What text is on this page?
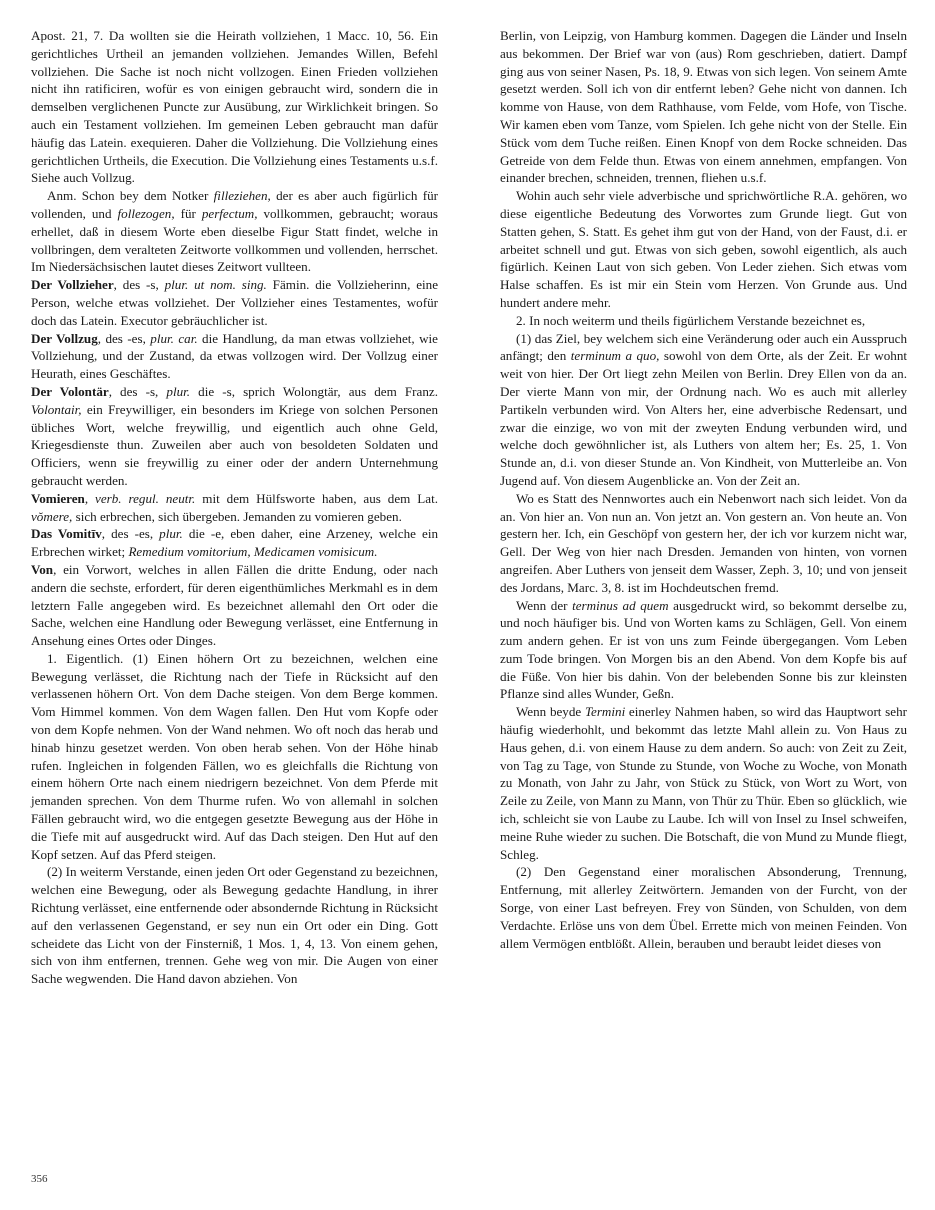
Apost. 21, 7. Da wollten sie die Heirath vollziehen, 1 Macc. 10, 56. Ein gerichtliches Urtheil an jemanden vollziehen. Jemandes Willen, Befehl vollziehen. Die Sache ist noch nicht vollzogen. Einen Frieden vollziehen nicht ihn ratificiren, wofür es von einigen gebraucht wird, sondern die in demselben verglichenen Puncte zur Ausübung, zur Wirklichkeit bringen. So auch ein Testament vollziehen. Im gemeinen Leben gebraucht man dafür häufig das Latein. exequieren. Daher die Vollziehung. Die Vollziehung eines gerichtlichen Urtheils, die Execution. Die Vollziehung eines Testaments u.s.f. Siehe auch Vollzug.

Anm. Schon bey dem Notker filleziehen, der es aber auch figürlich für vollenden, und follezogen, für perfectum, vollkommen, gebraucht; woraus erhellet, daß in diesem Worte eben dieselbe Figur Statt findet, welche in vollbringen, dem veralteten Zeitworte vollkommen und vollenden, herrschet. Im Niedersächsischen lautet dieses Zeitwort vullteen.

Der Vollzieher, des -s, plur. ut nom. sing. Fämin. die Vollzieherinn, eine Person, welche etwas vollziehet. Der Vollzieher eines Testamentes, wofür doch das Latein. Executor gebräuchlicher ist.

Der Vollzug, des -es, plur. car. die Handlung, da man etwas vollziehet, wie Vollziehung, und der Zustand, da etwas vollzogen wird. Der Vollzug einer Heurath, eines Geschäftes.

Der Volontär, des -s, plur. die -s, sprich Wolongtär, aus dem Franz. Volontair, ein Freywilliger, ein besonders im Kriege von solchen Personen übliches Wort, welche freywillig, und eigentlich auch ohne Geld, Kriegesdienste thun. Zuweilen aber auch von besoldeten Soldaten und Officiers, wenn sie freywillig zu einer oder der andern Unternehmung gebraucht werden.

Vomieren, verb. regul. neutr. mit dem Hülfsworte haben, aus dem Lat. vŏmere, sich erbrechen, sich übergeben. Jemanden zu vomieren geben.

Das Vomitīv, des -es, plur. die -e, eben daher, eine Arzeney, welche ein Erbrechen wirket; Remedium vomitorium, Medicamen vomisicum.

Von, ein Vorwort, welches in allen Fällen die dritte Endung, oder nach andern die sechste, erfordert, für deren eigenthümliches Merkmahl es in dem letztern Falle angegeben wird. Es bezeichnet allemahl den Ort oder die Sache, welchen eine Handlung oder Bewegung verlässet, eine Entfernung in Ansehung eines Ortes oder Dinges.

1. Eigentlich. (1) Einen höhern Ort zu bezeichnen, welchen eine Bewegung verlässet, die Richtung nach der Tiefe in Rücksicht auf den verlassenen höhern Ort. Von dem Dache steigen. Von dem Berge kommen. Vom Himmel kommen. Von dem Wagen fallen. Den Hut vom Kopfe oder von dem Kopfe nehmen. Von der Wand nehmen. Wo oft noch das herab und hinab hinzu gesetzet werden. Von oben herab sehen. Von der Höhe hinab rufen. Ingleichen in folgenden Fällen, wo es gleichfalls die Richtung von einem höhern Orte nach einem niedrigern bezeichnet. Von dem Pferde mit jemanden sprechen. Von dem Thurme rufen. Wo von allemahl in solchen Fällen gebraucht wird, wo die entgegen gesetzte Bewegung aus der Höhe in die Tiefe mit auf ausgedruckt wird. Auf das Dach steigen. Den Hut auf den Kopf setzen. Auf das Pferd steigen.

(2) In weiterm Verstande, einen jeden Ort oder Gegenstand zu bezeichnen, welchen eine Bewegung, oder als Bewegung gedachte Handlung, in ihrer Richtung verlässet, eine entfernende oder absondernde Richtung in Rücksicht auf den verlassenen Gegenstand, er sey nun ein Ort oder ein Ding. Gott scheidete das Licht von der Finsterniß, 1 Mos. 1, 4, 13. Von einem gehen, sich von ihm entfernen, trennen. Gehe weg von mir. Die Augen von einer Sache wegwenden. Die Hand davon abziehen. Von

Berlin, von Leipzig, von Hamburg kommen. Dagegen die Länder und Inseln aus bekommen. Der Brief war von (aus) Rom geschrieben, datiert. Dampf ging aus von seiner Nasen, Ps. 18, 9. Etwas von sich legen. Von seinem Amte gesetzt werden. Soll ich von dir entfernt leben? Gehe nicht von dannen. Ich komme von Hause, von dem Rathhause, vom Felde, vom Hofe, von Tische. Wir kamen eben vom Tanze, vom Spielen. Ich gehe nicht von der Stelle. Ein Stück vom dem Tuche reißen. Einen Knopf von dem Rocke schneiden. Das Getreide von dem Felde thun. Etwas von einem annehmen, empfangen. Von einander brechen, schneiden, trennen, fliehen u.s.f.

Wohin auch sehr viele adverbische und sprichwörtliche R.A. gehören, wo diese eigentliche Bedeutung des Vorwortes zum Grunde liegt. Gut von Statten gehen, S. Statt. Es gehet ihm gut von der Hand, von der Faust, d.i. er arbeitet schnell und gut. Etwas von sich geben, sowohl eigentlich, als auch figürlich. Keinen Laut von sich geben. Von Leder ziehen. Sich etwas vom Halse schaffen. Es ist mir ein Stein vom Herzen. Von Grunde aus. Und hundert andere mehr.

2. In noch weiterm und theils figürlichem Verstande bezeichnet es,

(1) das Ziel, bey welchem sich eine Veränderung oder auch ein Ausspruch anfängt; den terminum a quo, sowohl von dem Orte, als der Zeit. Er wohnt weit von hier. Der Ort liegt zehn Meilen von Berlin. Drey Ellen von da an. Der vierte Mann von mir, der Ordnung nach. Wo es auch mit allerley Partikeln verbunden wird. Von Alters her, eine adverbische Redensart, und zwar die einzige, wo von mit der zweyten Endung verbunden wird, und welche doch gewöhnlicher ist, als Luthers von altem her; Es. 25, 1. Von Stunde an, d.i. von dieser Stunde an. Von Kindheit, von Mutterleibe an. Von Jugend auf. Von diesem Augenblicke an. Von der Zeit an.

Wo es Statt des Nennwortes auch ein Nebenwort nach sich leidet. Von da an. Von hier an. Von nun an. Von jetzt an. Von gestern an. Von heute an. Von gestern her. Ich, ein Geschöpf von gestern her, der ich vor kurzem nicht war, Gell. Der Weg von hier nach Dresden. Jemanden von hinten, von vornen angreifen. Aber Luthers von jenseit dem Wasser, Zeph. 3, 10; und von jenseit des Jordans, Marc. 3, 8. ist im Hochdeutschen fremd.

Wenn der terminus ad quem ausgedruckt wird, so bekommt derselbe zu, und noch häufiger bis. Und von Worten kams zu Schlägen, Gell. Von einem zum andern gehen. Er ist von uns zum Feinde übergegangen. Vom Leben zum Tode bringen. Von Morgen bis an den Abend. Von dem Kopfe bis auf die Füße. Von hier bis dahin. Von der belebenden Sonne bis zur kleinsten Pflanze sind alles Wunder, Geßn.

Wenn beyde Termini einerley Nahmen haben, so wird das Hauptwort sehr häufig wiederhohlt, und bekommt das letzte Mahl allein zu. Von Haus zu Haus gehen, d.i. von einem Hause zu dem andern. So auch: von Zeit zu Zeit, von Tag zu Tage, von Stunde zu Stunde, von Woche zu Woche, von Monath zu Monath, von Jahr zu Jahr, von Stück zu Stück, von Wort zu Wort, von Zeile zu Zeile, von Mann zu Mann, von Thür zu Thür. Eben so glücklich, wie ich, schleicht sie von Laube zu Laube. Ich will von Insel zu Insel schweifen, meine Ruhe wieder zu suchen. Die Botschaft, die von Mund zu Munde fliegt, Schleg.

(2) Den Gegenstand einer moralischen Absonderung, Trennung, Entfernung, mit allerley Zeitwörtern. Jemanden von der Furcht, von der Sorge, von einer Last befreyen. Frey von Sünden, von Schulden, von dem Verdachte. Erlöse uns von dem Übel. Errette mich von meinen Feinden. Von allem Vermögen entblößt. Allein, berauben und beraubt leidet dieses von

356
